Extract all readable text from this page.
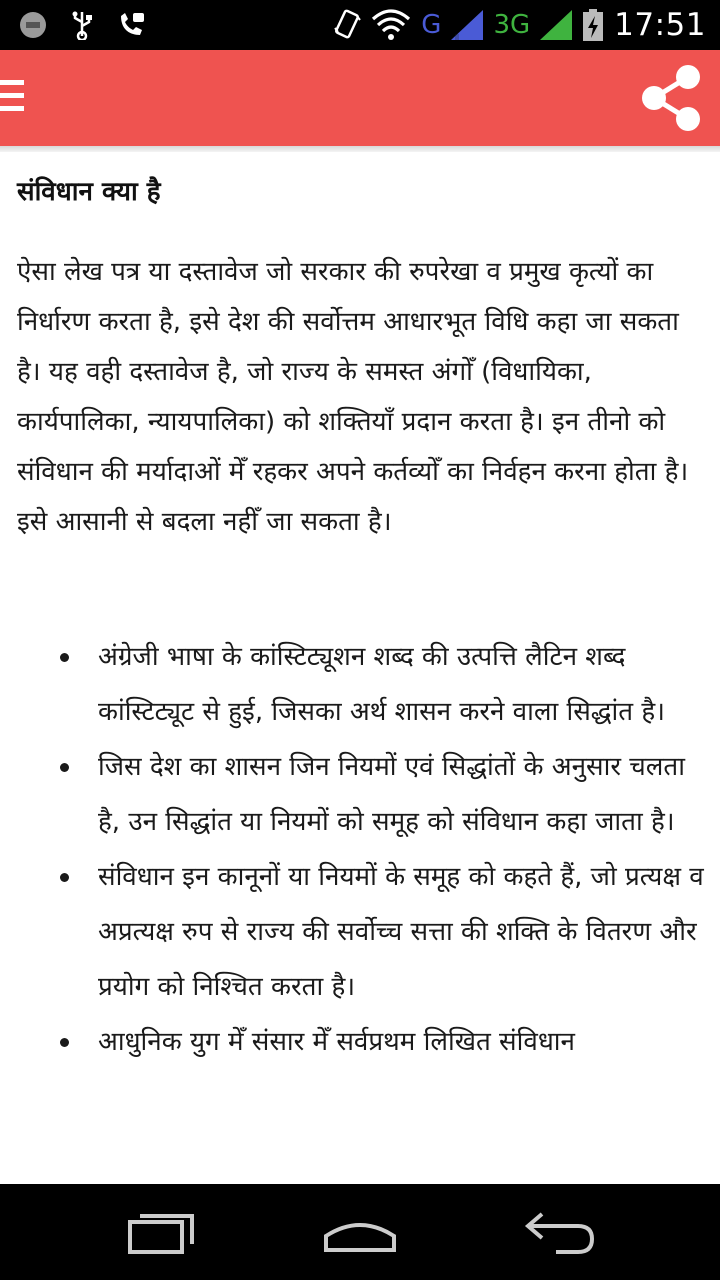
G 3G	17:51
संविधान क्या है

ऐसा लेख पत्र या दस्तावेज जो सरकार की रुपरेखा व प्रमुख कृत्यों का निर्धारण करता है, इसे देश की सर्वोत्तम आधारभूत विधि कहा जा सकता है। यह वही दस्तावेज है, जो राज्य के समस्त अंगोँ (विधायिका, कार्यपालिका, न्यायपालिका) को शक्तियाँ प्रदान करता है। इन तीनो को संविधान की मर्यादाओं मेँ रहकर अपने कर्तव्योँ का निर्वहन करना होता है। इसे आसानी से बदला नहीँ जा सकता है।

अंग्रेजी भाषा के कांस्टिट्यूशन शब्द की उत्पत्ति लैटिन शब्द कांस्टिट्यूट से हुई, जिसका अर्थ शासन करने वाला सिद्धांत है।
जिस देश का शासन जिन नियमों एवं सिद्धांतों के अनुसार चलता है, उन सिद्धांत या नियमों को समूह को संविधान कहा जाता है।
संविधान इन कानूनों या नियमों के समूह को कहते हैं, जो प्रत्यक्ष व अप्रत्यक्ष रुप से राज्य की सर्वोच्च सत्ता की शक्ति के वितरण और प्रयोग को निश्चित करता है।
आधुनिक युग मेँ संसार मेँ सर्वप्रथम लिखित संविधान
